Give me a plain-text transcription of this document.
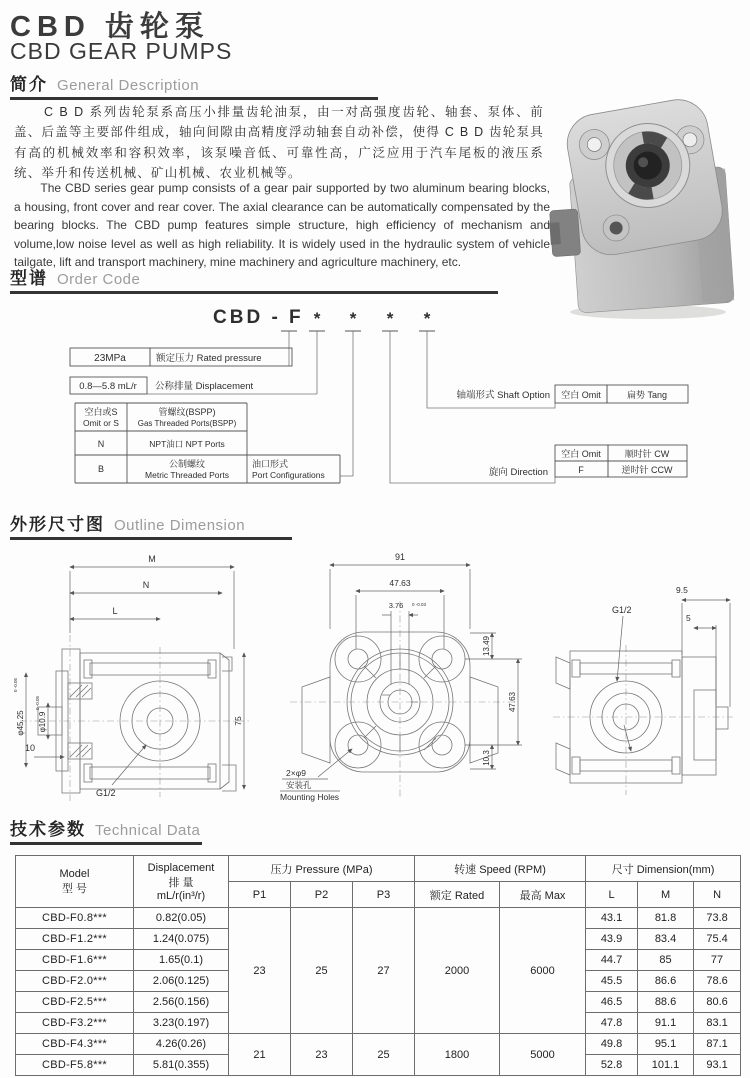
CBD 齿轮泵
CBD GEAR PUMPS
简介 General Description
C B D 系列齿轮泵系高压小排量齿轮油泵，由一对高强度齿轮、轴套、泵体、前盖、后盖等主要部件组成，轴向间隙由高精度浮动轴套自动补偿，使得 C B D 齿轮泵具有高的机械效率和容积效率，该泵噪音低、可靠性高，广泛应用于汽车尾板的液压系统、举升和传送机械、矿山机械、农业机械等。
The CBD series gear pump consists of a gear pair supported by two aluminum bearing blocks, a housing, front cover and rear cover. The axial clearance can be automatically compensated by the bearing blocks. The CBD pump features simple structure, high efficiency of mechanism and volume,low noise level as well as high reliability. It is widely used in the hydraulic system of vehicle tailgate, lift and transport machinery, mine machinery and agriculture machinery, etc.
型谱 Order Code
CBD - F * * * *
23MPa	额定压力 Rated pressure
0.8—5.8 mL/r 公称排量 Displacement
空白或S
Omit or S
管螺纹(BSPP)
Gas Threaded Ports(BSPP)
N	NPT油口 NPT Ports
B	公制螺纹
Metric Threaded Ports
油口形式
Port Configurations
轴端形式 Shaft Option 空白 Omit	扁势 Tang
旋向 Direction
空白 Omit	顺时针 CW
F	逆时针 CCW
外形尺寸图 Outline Dimension
M
N
L
75
φ45.25
0 -0.05
φ10.9
0 -0.05
10
G1/2
91
47.63
3.76 0 -0.03
13.49
47.63
10.3
2×φ9
安装孔
Mounting Holes
G1/2
9.5
5
技术参数 Technical Data
Model
型 号

Displacement
排 量
mL/r(in³/r)
	压力 Pressure (MPa)	转速 Speed (RPM)	尺寸 Dimension(mm)
		P1	P2	P3	额定 Rated	最高 Max	L	M	N
CBD-F0.8***	0.82(0.05)	23	25	27	2000	6000	43.1	81.8	73.8
CBD-F1.2***	1.24(0.075)						43.9	83.4	75.4
CBD-F1.6***	1.65(0.1)						44.7	85	77
CBD-F2.0***	2.06(0.125)						45.5	86.6	78.6
CBD-F2.5***	2.56(0.156)						46.5	88.6	80.6
CBD-F3.2***	3.23(0.197)						47.8	91.1	83.1
CBD-F4.3***	4.26(0.26)	21	23	25	1800	5000	49.8	95.1	87.1
CBD-F5.8***	5.81(0.355)						52.8	101.1	93.1
